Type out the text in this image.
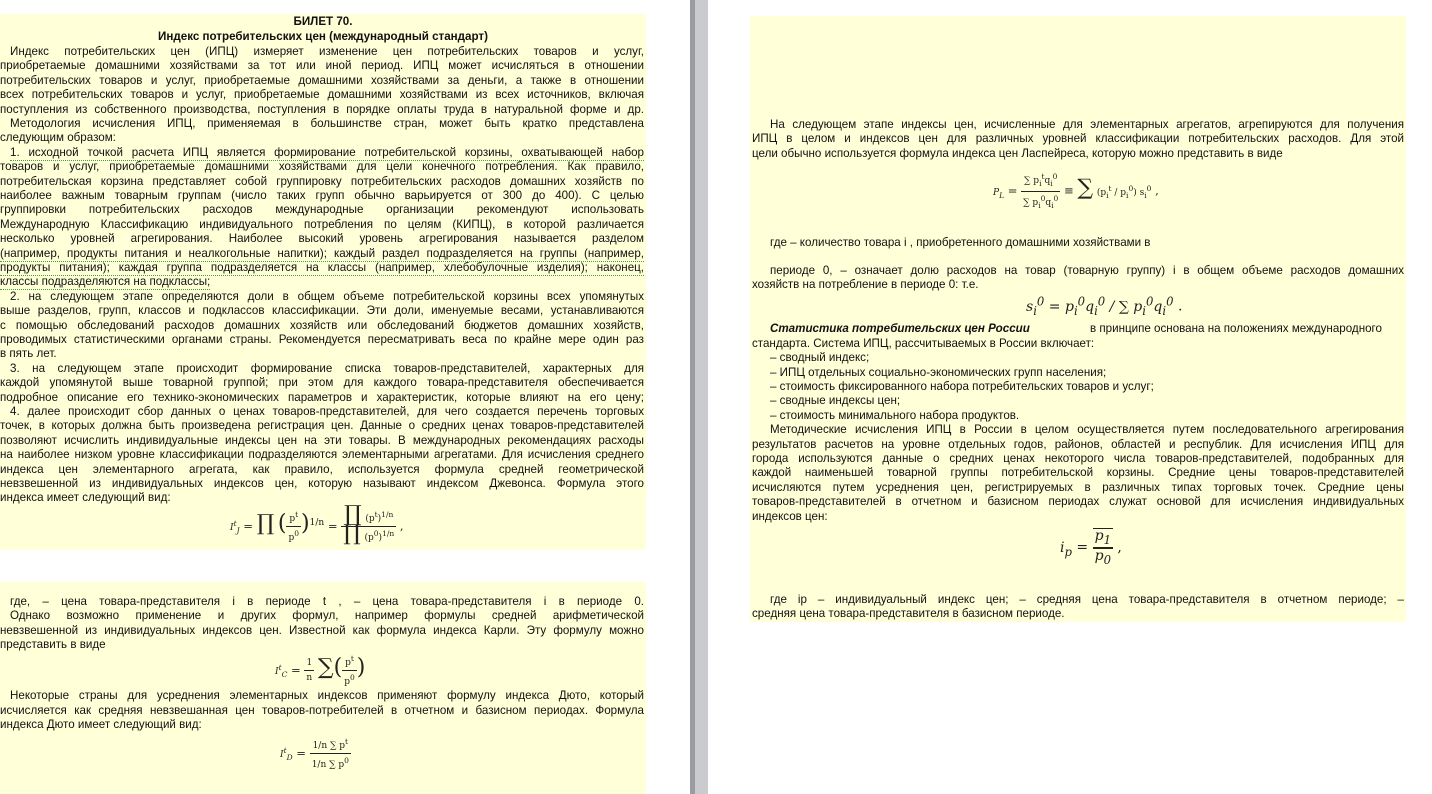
БИЛЕТ 70.
Индекс потребительских цен (международный стандарт)
Индекс потребительских цен (ИПЦ) измеряет изменение цен потребительских товаров и услуг,
приобретаемые домашними хозяйствами за тот или иной период. ИПЦ может исчисляться в отношении
потребительских товаров и услуг, приобретаемые домашними хозяйствами за деньги, а также в отношении
всех потребительских товаров и услуг, приобретаемые домашними хозяйствами из всех источников, включая
поступления из собственного производства, поступления в порядке оплаты труда в натуральной форме и др.
Методология исчисления ИПЦ, применяемая в большинстве стран, может быть кратко представлена
следующим образом:
1. исходной точкой расчета ИПЦ является формирование потребительской корзины, охватывающей набор
товаров и услуг, приобретаемые домашними хозяйствами для цели конечного потребления. Как правило,
потребительская корзина представляет собой группировку потребительских расходов домашних хозяйств по
наиболее важным товарным группам (число таких групп обычно варьируется от 300 до 400). С целью
группировки потребительских расходов международные организации рекомендуют использовать
Международную Классификацию индивидуального потребления по целям (КИПЦ), в которой различается
несколько уровней агрегирования. Наиболее высокий уровень агрегирования называется разделом
(например, продукты питания и неалкогольные напитки); каждый раздел подразделяется на группы (например,
продукты питания); каждая группа подразделяется на классы (например, хлебобулочные изделия); наконец,
классы подразделяются на подклассы;
2. на следующем этапе определяются доли в общем объеме потребительской корзины всех упомянутых
выше разделов, групп, классов и подклассов классификации. Эти доли, именуемые весами, устанавливаются
с помощью обследований расходов домашних хозяйств или обследований бюджетов домашних хозяйств,
проводимых статистическими органами страны. Рекомендуется пересматривать веса по крайне мере один раз
в пять лет.
3. на следующем этапе происходит формирование списка товаров-представителей, характерных для
каждой упомянутой выше товарной группой; при этом для каждого товара-представителя обеспечивается
подробное описание его технико-экономических параметров и характеристик, которые влияют на его цену;
4. далее происходит сбор данных о ценах товаров-представителей, для чего создается перечень торговых
точек, в которых должна быть произведена регистрация цен. Данные о средних ценах товаров-представителей
позволяют исчислить индивидуальные индексы цен на эти товары. В международных рекомендациях расходы
на наиболее низком уровне классификации подразделяются элементарными агрегатами. Для исчисления среднего
индекса цен элементарного агрегата, как правило, используется формула средней геометрической
невзвешенной из индивидуальных индексов цен, которую называют индексом Джевонса. Формула этого
индекса имеет следующий вид:
$I^t_J$ = ∏ ( $\frac{p^t}{p^0} )^{1/n} = \frac{\prod (p^t)^{1/n}}{\prod (p^0)^{1/n}}$ ,
где, – цена товара-представителя i в периоде t , – цена товара-представителя i в периоде 0.
Однако возможно применение и других формул, например формулы средней арифметической
невзвешенной из индивидуальных индексов цен. Известной как формула индекса Карли. Эту формулу можно
представить в виде
$I^t_C = \frac{1}{n}$ ∑( $\frac{p^t}{p^0}$ )
Некоторые страны для усреднения элементарных индексов применяют формулу индекса Дюто, который
исчисляется как средняя невзвешанная цен товаров-потребителей в отчетном и базисном периодах. Формула
индекса Дюто имеет следующий вид:
$I^t_D = \frac{1/n \sum p^t}{1/n \sum p^0}$
На следующем этапе индексы цен, исчисленные для элементарных агрегатов, агрепируются для получения
ИПЦ в целом и индексов цен для различных уровней классификации потребительских расходов. Для этой
цели обычно используется формула индекса цен Ласпейреса, которую можно представить в виде
$P_L = \frac{\sum p_i^tq_i^0}{\sum p_i^0q_i^0}$ ≡ ∑ $(p_i^t / p_i^0)$ $s_i^0$ ,
где – количество товара i , приобретенного домашними хозяйствами в
периоде 0, – означает долю расходов на товар (товарную группу) i в общем объеме расходов домашних
хозяйств на потребление в периоде 0: т.е.
$s_i^0 = p_i^0q_i^0$ / ∑ $p_i^0q_i^0$ .
Статистика потребительских цен России	в принципе основана на положениях международного
стандарта. Система ИПЦ, рассчитываемых в России включает:
– сводный индекс;
– ИПЦ отдельных социально-экономических групп населения;
– стоимость фиксированного набора потребительских товаров и услуг;
– сводные индексы цен;
– стоимость минимального набора продуктов.
Методические исчисления ИПЦ в России в целом осуществляется путем последовательного агрегирования
результатов расчетов на уровне отдельных годов, районов, областей и республик. Для исчисления ИПЦ для
города используются данные о средних ценах некоторого числа товаров-представителей, подобранных для
каждой наименьшей товарной группы потребительской корзины. Средние цены товаров-представителей
исчисляются путем усреднения цен, регистрируемых в различных типах торговых точек. Средние цены
товаров-представителей в отчетном и базисном периодах служат основой для исчисления индивидуальных
индексов цен:
$i_p = \frac{p_1}{p_0}$ ,
где ip – индивидуальный индекс цен; – средняя цена товара-представителя в отчетном периоде; –
средняя цена товара-представителя в базисном периоде.
